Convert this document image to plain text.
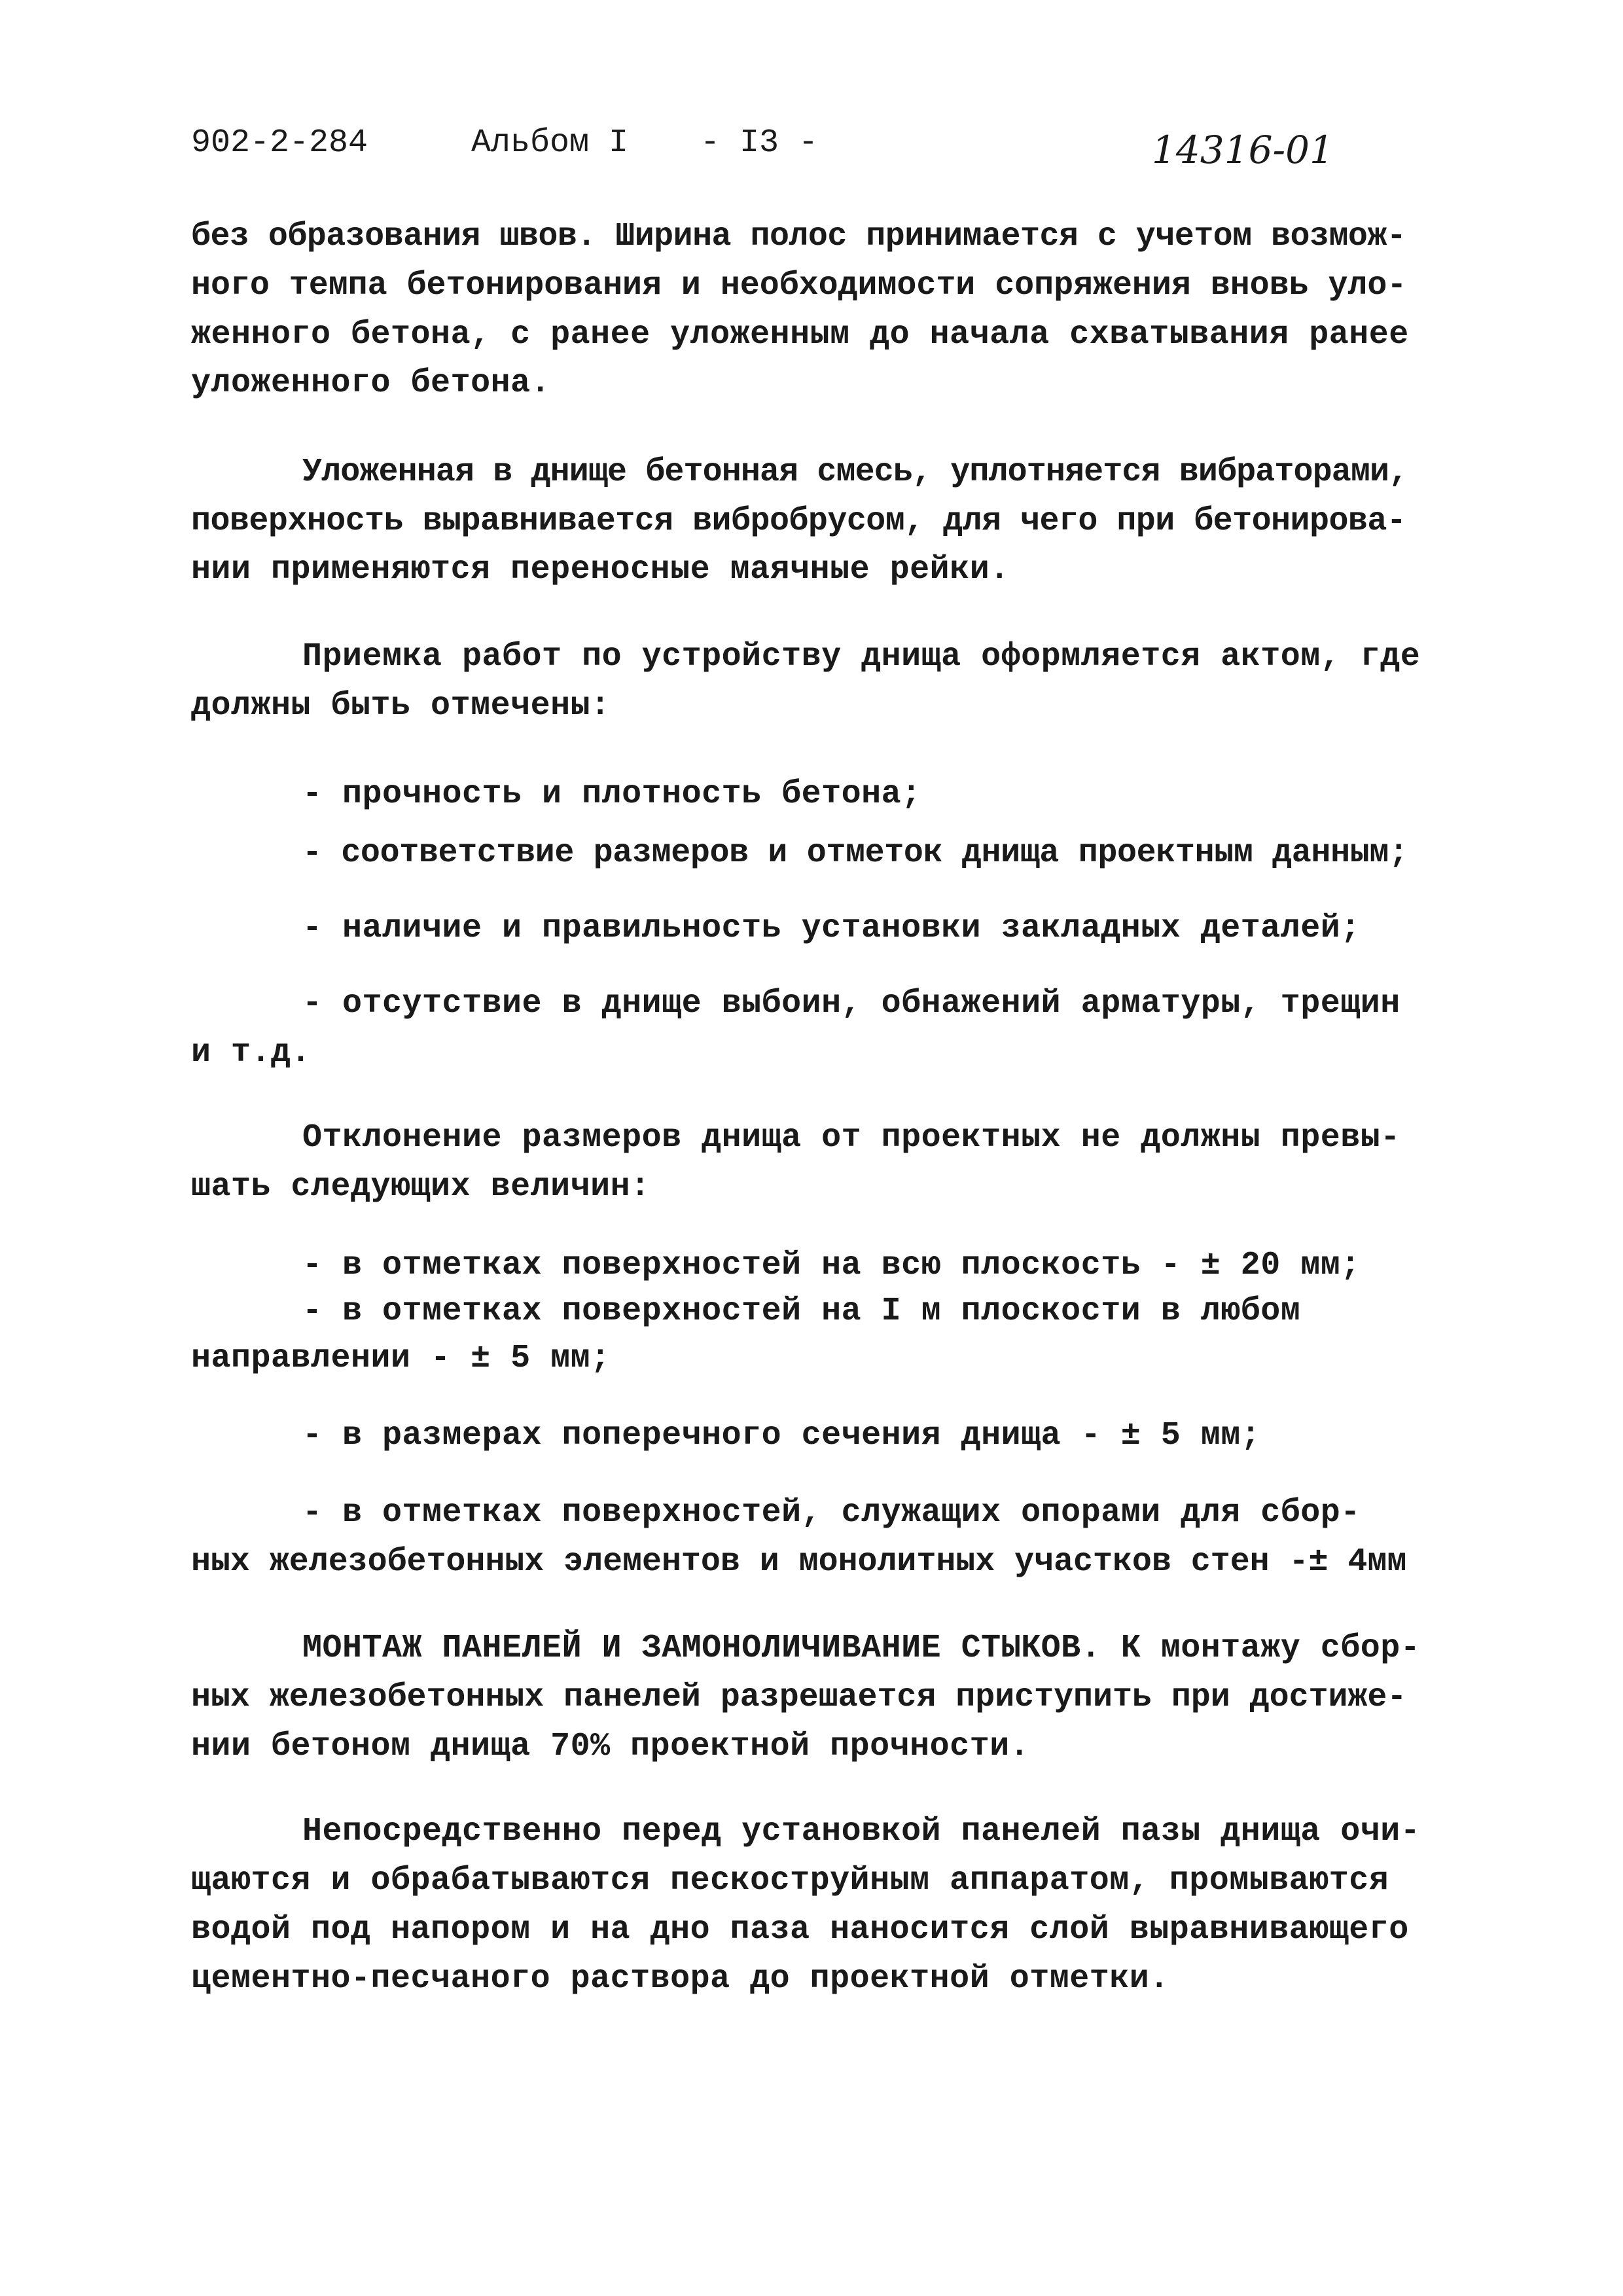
902-2-284	Альбом I - I3 -	14316-01
без образования швов. Ширина полос принимается с учетом возмож-
ного темпа бетонирования и необходимости сопряжения вновь уло-
женного бетона, с ранее уложенным до начала схватывания ранее
уложенного бетона.
Уложенная в днище бетонная смесь, уплотняется вибраторами,
поверхность выравнивается вибробрусом, для чего при бетонирова-
нии применяются переносные маячные рейки.
Приемка работ по устройству днища оформляется актом, где
должны быть отмечены:
- прочность и плотность бетона;
- соответствие размеров и отметок днища проектным данным;
- наличие и правильность установки закладных деталей;
- отсутствие в днище выбоин, обнажений арматуры, трещин
и т.д.
Отклонение размеров днища от проектных не должны превы-
шать следующих величин:
- в отметках поверхностей на всю плоскость - ± 20 мм;
- в отметках поверхностей на I м плоскости в любом
направлении - ± 5 мм;
- в размерах поперечного сечения днища - ± 5 мм;
- в отметках поверхностей, служащих опорами для сбор-
ных железобетонных элементов и монолитных участков стен -± 4мм
МОНТАЖ ПАНЕЛЕЙ И ЗАМОНОЛИЧИВАНИЕ СТЫКОВ. К монтажу сбор-
ных железобетонных панелей разрешается приступить при достиже-
нии бетоном днища 70% проектной прочности.
Непосредственно перед установкой панелей пазы днища очи-
щаются и обрабатываются пескоструйным аппаратом, промываются
водой под напором и на дно паза наносится слой выравнивающего
цементно-песчаного раствора до проектной отметки.
